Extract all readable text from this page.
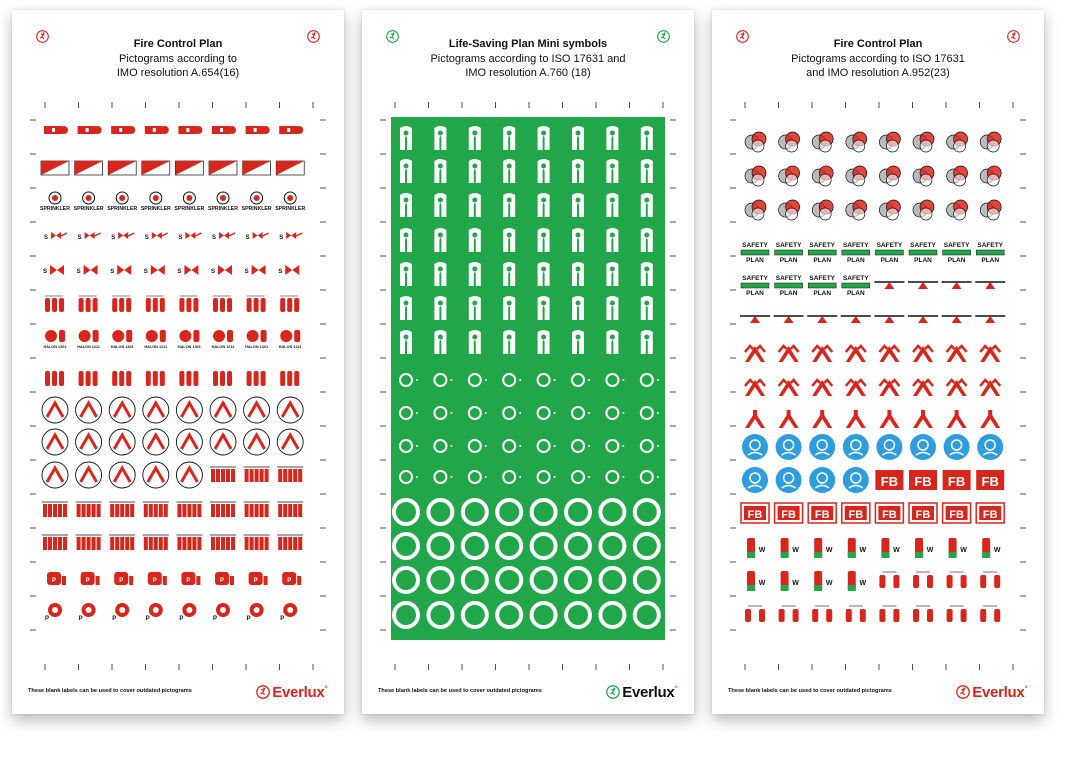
Fire Control Plan
Pictograms according to
IMO resolution A.654(16)
SPRINKLER
S
S
HALON 1301
P
P
SPRINKLER
S
S
HALON 1211
P
P
SPRINKLER
S
S
HALON 1301
P
P
SPRINKLER
S
S
HALON 1211
P
P
SPRINKLER
S
S
HALON 1301
P
P
SPRINKLER
S
S
HALON 1211
P
P
SPRINKLER
S
S
HALON 1301
P
P
SPRINKLER
S
S
HALON 1211
P
P
These blank labels can be used to cover outdated pictograms	Everlux °
Life-Saving Plan Mini symbols
Pictograms according to ISO 17631 and
IMO resolution A.760 (18)
These blank labels can be used to cover outdated pictograms	Everlux °
Fire Control Plan
Pictograms according to ISO 17631
and IMO resolution A.952(23)
SAFETY
PLAN
SAFETY
PLAN
FB
W
W
SAFETY
PLAN
SAFETY
PLAN
FB
W
W
SAFETY
PLAN
SAFETY
PLAN
FB
W
W
SAFETY
PLAN
SAFETY
PLAN
FB
W
W
SAFETY
PLAN
FB
FB
W
SAFETY
PLAN
FB
FB
W
SAFETY
PLAN
FB
FB
W
SAFETY
PLAN
FB
FB
W
These blank labels can be used to cover outdated pictograms	Everlux °
